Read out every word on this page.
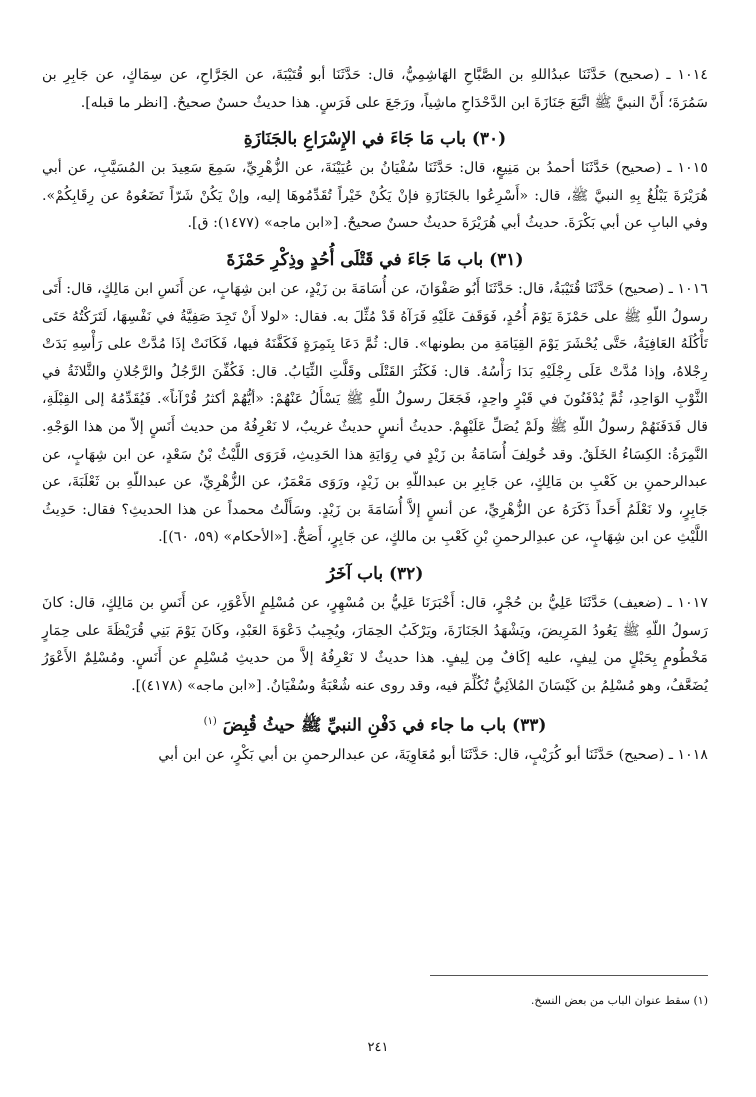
١٠١٤ ـ (صحيح) حَدَّثَنَا عبدُاللهِ بن الصَّبَّاحِ الهَاشِمِيُّ، قال: حَدَّثَنَا أبو قُتَيْبَةَ، عن الجَرَّاحِ، عن سِمَاكٍ، عن جَابِرِ بن سَمُرَةَ؛ أَنَّ النبيَّ ﷺ اتَّبَعَ جَنَازَةَ ابن الدَّحْدَاحِ ماشِياً، ورَجَعَ على فَرَسٍ. هذا حديثٌ حسنٌ صحيحٌ. [انظر ما قبله].

(٣٠) باب مَا جَاءَ في الإِسْرَاعِ بالجَنَازَةِ

١٠١٥ ـ (صحيح) حَدَّثَنَا أحمدُ بن مَنِيعٍ، قال: حَدَّثَنَا سُفْيَانُ بن عُيَيْنَةَ، عن الزُّهْرِيِّ، سَمِعَ سَعِيدَ بن المُسَيَّبِ، عن أبي هُرَيْرَةَ يَبْلُغُ بِهِ النبيَّ ﷺ، قال: «أَسْرِعُوا بالجَنَازَةِ فإنْ يَكُنْ خَيْراً تُقَدِّمُوهَا إليه، وإنْ يَكُنْ شَرّاً تَضَعُوهُ عن رِقَابِكُمْ». وفي البابِ عن أبي بَكْرَةَ. حديثُ أبي هُرَيْرَةَ حديثٌ حسنٌ صحيحٌ. [«ابن ماجه» (١٤٧٧): ق].

(٣١) باب مَا جَاءَ في قَتْلَى أُحُدٍ وذِكْرِ حَمْزَةَ

١٠١٦ ـ (صحيح) حَدَّثَنَا قُتَيْبَةُ، قال: حَدَّثَنَا أَبُو صَفْوَانَ، عن أُسَامَةَ بن زَيْدٍ، عن ابن شِهَابٍ، عن أَنَسِ ابن مَالِكٍ، قال: أَتَى رسولُ اللّهِ ﷺ على حَمْزَةَ يَوْمَ أُحُدٍ، فَوَقَفَ عَلَيْهِ فَرَآهُ قَدْ مُثِّلَ به. فقال: «لولا أَنْ تَجِدَ صَفِيَّةُ في نَفْسِهَا، لَتَرَكْتُهُ حَتَى تَأْكُلَهُ العَافِيَةُ، حَتَّى يُحْشَرَ يَوْمَ القِيَامَةِ من بطونها». قال: ثُمَّ دَعَا بِنَمِرَةٍ فَكَفَّنَهُ فيها، فَكَانَتْ إذَا مُدَّتْ على رَأْسِهِ بَدَتْ رِجْلاهُ، وإذا مُدَّتْ عَلَى رِجْلَيْهِ بَدَا رَأْسُهُ. قال: فَكَثُرَ القَتْلَى وقَلَّتِ الثِّيَابُ. قال: فَكُفِّنَ الرَّجُلُ والرَّجُلانِ والثَّلاثَةُ في الثَّوْبِ الوَاحِدِ، ثُمَّ يُدْفَنُونَ في قَبْرٍ واحِدٍ، فَجَعَلَ رسولُ اللّهِ ﷺ يَسْأَلُ عَنْهُمْ: «أيُّهُمْ أكثرُ قُرْآناً». فَيُقَدِّمُهُ إلى القِبْلَةِ، قال فَدَفَنَهُمْ رسولُ اللّهِ ﷺ ولَمْ يُصَلِّ عَلَيْهِمْ. حديثُ أنسٍ حديثٌ غريبٌ، لا نَعْرِفُهُ من حديث أَنَسٍ إلاّ من هذا الوَجْهِ. النَّمِرَةُ: الكِسَاءُ الخَلَقُ. وقد خُولِفَ أُسَامَةُ بن زَيْدٍ في رِوَايَةِ هذا الحَدِيثِ، فَرَوَى اللَّيْثُ بْنُ سَعْدٍ، عن ابن شِهَابٍ، عن عبدالرحمنِ بن كَعْبِ بن مَالِكٍ، عن جَابِرِ بن عبداللّهِ بن زَيْدٍ، ورَوَى مَعْمَرٌ، عن الزُّهْرِيِّ، عن عبداللّهِ بن ثَعْلَبَةَ، عن جَابِرٍ، ولا نَعْلَمُ أَحَداً ذَكَرَهُ عن الزُّهْرِيِّ، عن أنسٍ إلاَّ أُسَامَةَ بن زَيْدٍ. وسَأَلْتُ محمداً عن هذا الحديثِ؟ فقال: حَدِيثُ اللَّيْثِ عن ابن شِهَابٍ، عن عبدِالرحمنِ بْنِ كَعْبِ بن مالكٍ، عن جَابِرٍ، أَصَحُّ. [«الأحكام» (٥٩، ٦٠)].

(٣٢) باب آخَرُ

١٠١٧ ـ (ضعيف) حَدَّثَنَا عَلِيُّ بن حُجْرٍ، قال: أَخْبَرَنَا عَلِيُّ بن مُسْهِرٍ، عن مُسْلِمٍ الأَعْوَرِ، عن أَنَسِ بن مَالِكٍ، قال: كانَ رَسولُ اللّهِ ﷺ يَعُودُ المَرِيضَ، ويَشْهَدُ الجَنَازَةَ، ويَرْكَبُ الحِمَارَ، ويُجِيبُ دَعْوَةَ العَبْدِ، وكَانَ يَوْمَ بَنِي قُرَيْظَةَ على حِمَارٍ مَخْطُومٍ بِحَبْلٍ من لِيفٍ، عليه إكَافٌ مِن لِيفٍ. هذا حديثٌ لا نَعْرِفُهُ إلاَّ من حديثِ مُسْلِمٍ عن أَنَسٍ. ومُسْلِمٌ الأَعْوَرُ يُضَعَّفُ، وهو مُسْلِمُ بن كَيْسَانَ المُلاَئِيُّ تُكُلِّمَ فيه، وقد روى عنه شُعْبَةُ وسُفْيَانُ. [«ابن ماجه» (٤١٧٨)].

(٣٣) باب ما جاء في دَفْنِ النبيِّ ﷺ حيثُ قُبِضَ $^{(١)}$

١٠١٨ ـ (صحيح) حَدَّثَنَا أبو كُرَيْبٍ، قال: حَدَّثَنَا أبو مُعَاوِيَةَ، عن عبدالرحمنِ بن أبي بَكْرٍ، عن ابن أبي

(١) سقط عنوان الباب من بعض النسخ.
٢٤١
